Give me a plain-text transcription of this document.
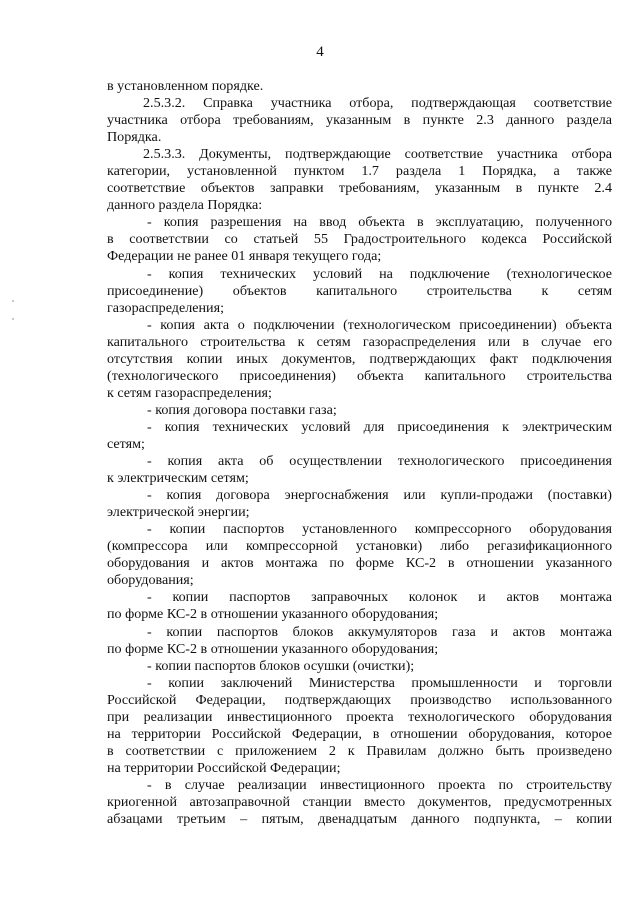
4
в установленном порядке.
2.5.3.2. Справка участника отбора, подтверждающая соответствие
участника отбора требованиям, указанным в пункте 2.3 данного раздела
Порядка.
2.5.3.3. Документы, подтверждающие соответствие участника отбора
категории, установленной пунктом 1.7 раздела 1 Порядка, а также
соответствие объектов заправки требованиям, указанным в пункте 2.4
данного раздела Порядка:
- копия разрешения на ввод объекта в эксплуатацию, полученного
в соответствии со статьей 55 Градостроительного кодекса Российской
Федерации не ранее 01 января текущего года;
- копия технических условий на подключение (технологическое
присоединение) объектов капитального строительства к сетям
газораспределения;
- копия акта о подключении (технологическом присоединении) объекта
капитального строительства к сетям газораспределения или в случае его
отсутствия копии иных документов, подтверждающих факт подключения
(технологического присоединения) объекта капитального строительства
к сетям газораспределения;
- копия договора поставки газа;
- копия технических условий для присоединения к электрическим
сетям;
- копия акта об осуществлении технологического присоединения
к электрическим сетям;
- копия договора энергоснабжения или купли-продажи (поставки)
электрической энергии;
- копии паспортов установленного компрессорного оборудования
(компрессора или компрессорной установки) либо регазификационного
оборудования и актов монтажа по форме КС-2 в отношении указанного
оборудования;
- копии паспортов заправочных колонок и актов монтажа
по форме КС-2 в отношении указанного оборудования;
- копии паспортов блоков аккумуляторов газа и актов монтажа
по форме КС-2 в отношении указанного оборудования;
- копии паспортов блоков осушки (очистки);
- копии заключений Министерства промышленности и торговли
Российской Федерации, подтверждающих производство использованного
при реализации инвестиционного проекта технологического оборудования
на территории Российской Федерации, в отношении оборудования, которое
в соответствии с приложением 2 к Правилам должно быть произведено
на территории Российской Федерации;
- в случае реализации инвестиционного проекта по строительству
криогенной автозаправочной станции вместо документов, предусмотренных
абзацами третьим – пятым, двенадцатым данного подпункта, – копии
